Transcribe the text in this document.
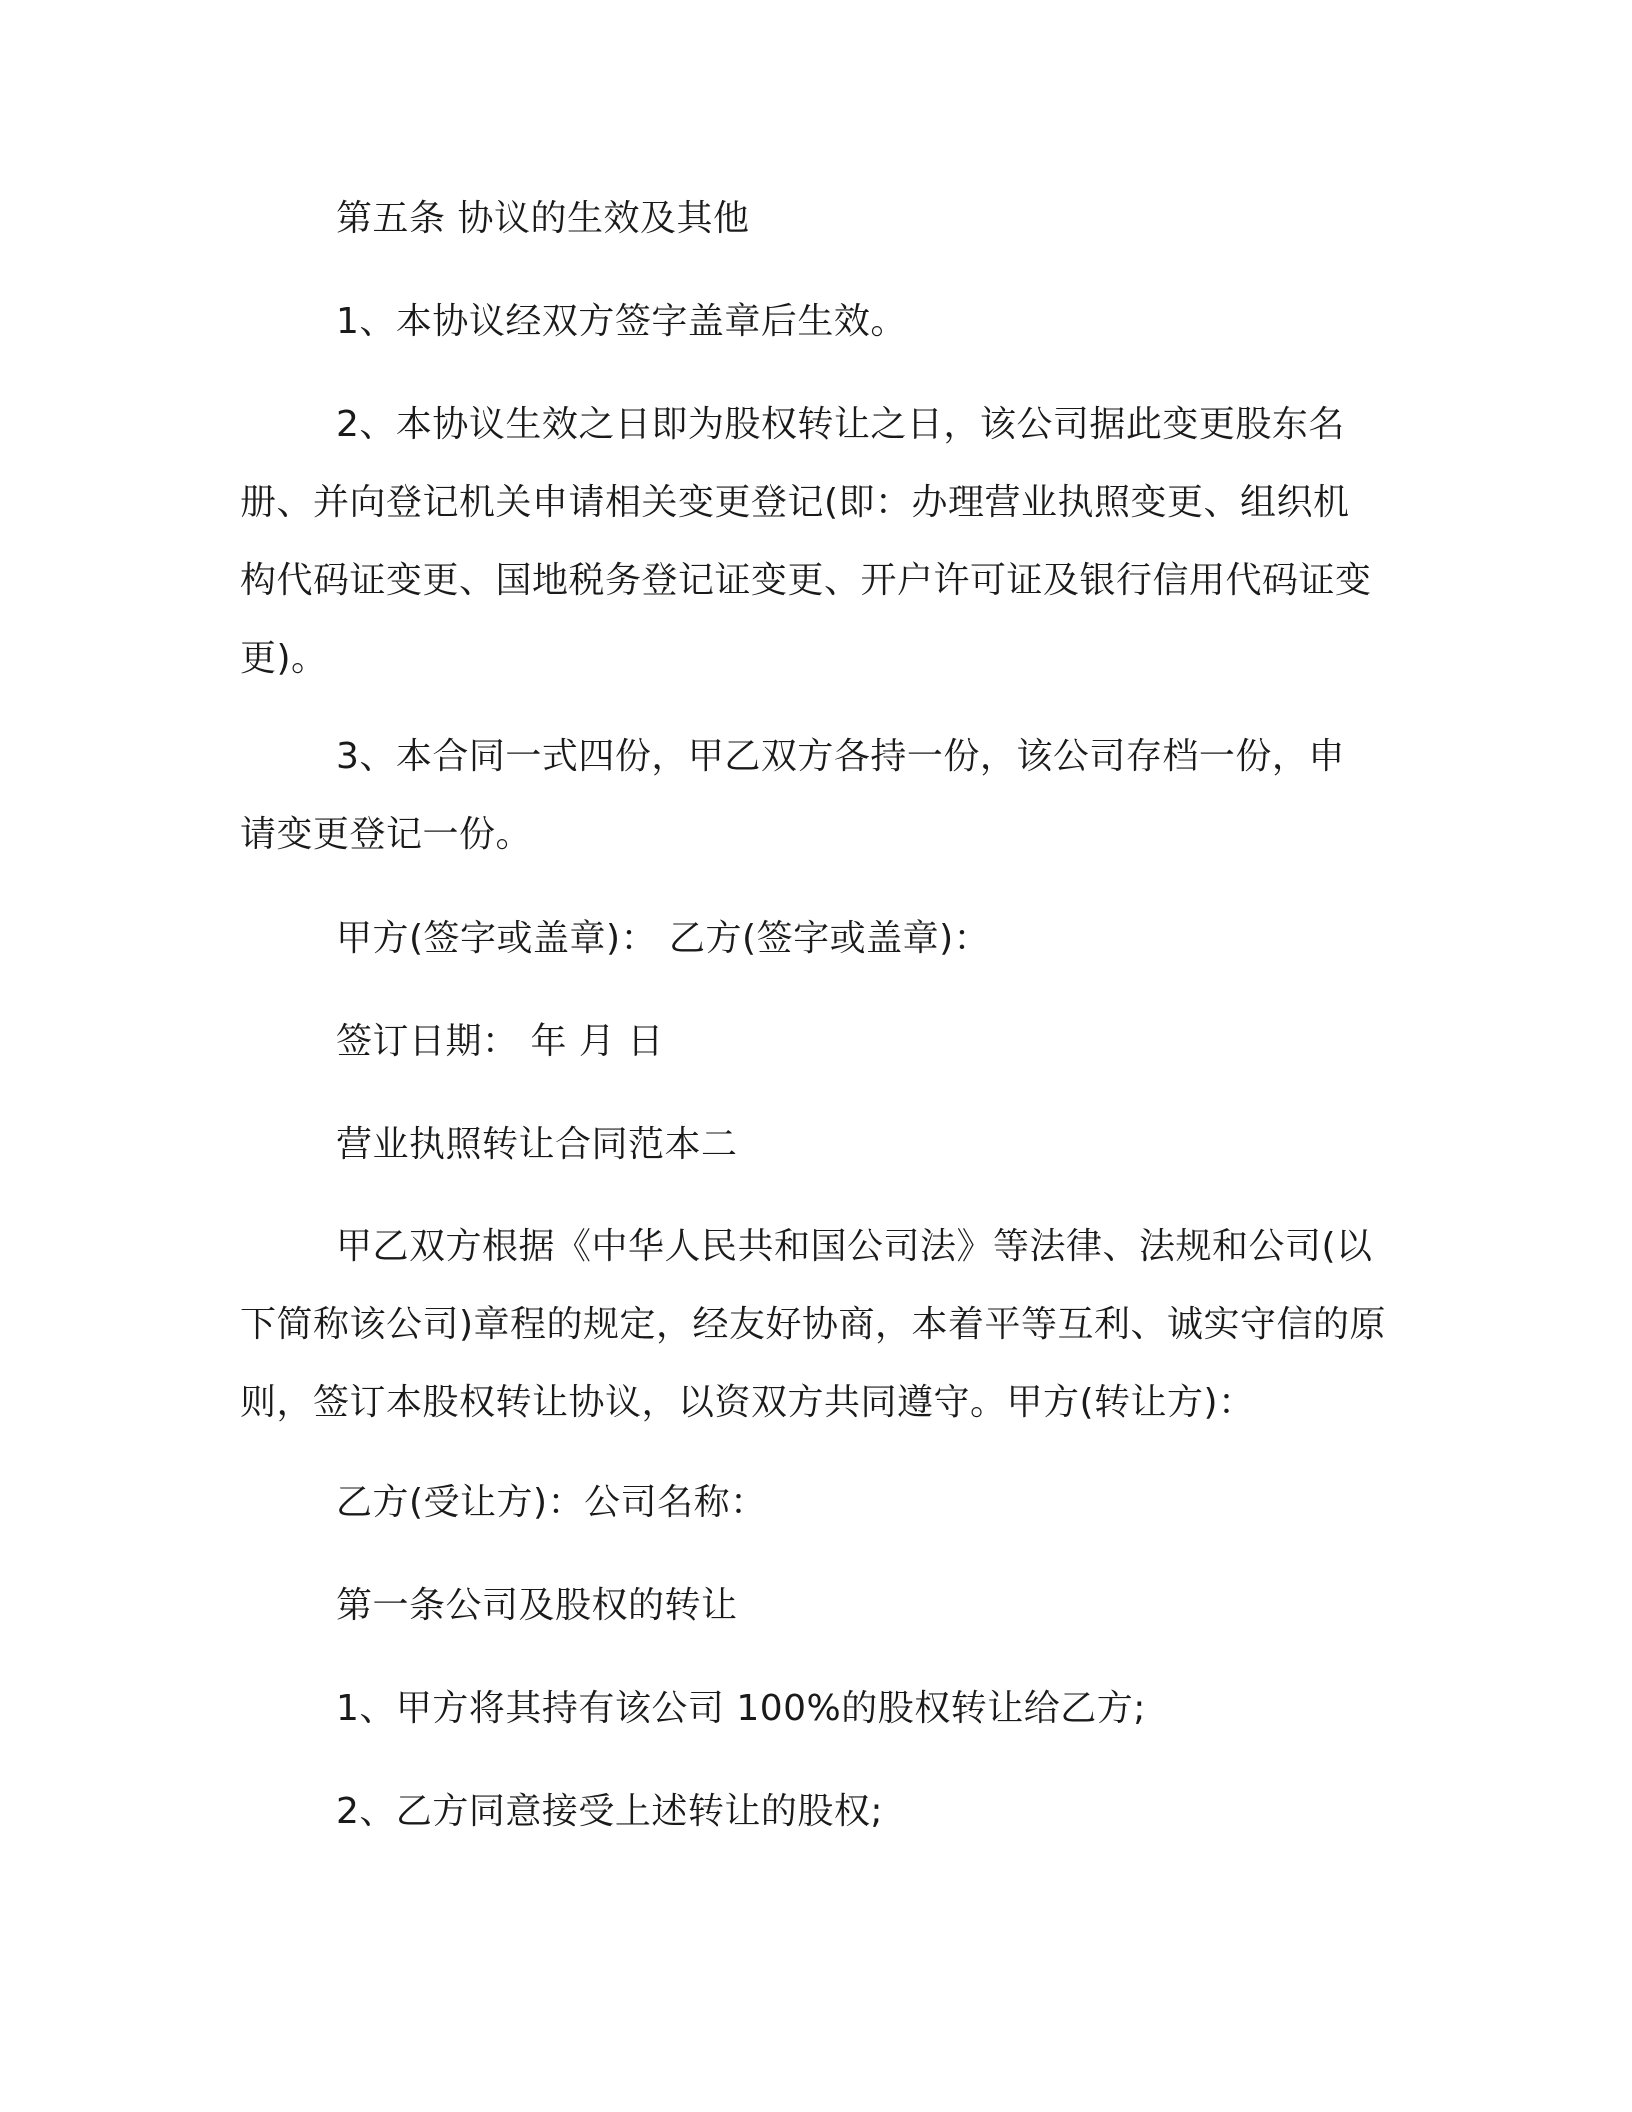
第五条 协议的生效及其他

1、本协议经双方签字盖章后生效。

2、本协议生效之日即为股权转让之日，该公司据此变更股东名册、并向登记机关申请相关变更登记(即：办理营业执照变更、组织机构代码证变更、国地税务登记证变更、开户许可证及银行信用代码证变更)。

3、本合同一式四份，甲乙双方各持一份，该公司存档一份，申请变更登记一份。

甲方(签字或盖章)： 乙方(签字或盖章)：

签订日期： 年 月 日

营业执照转让合同范本二

甲乙双方根据《中华人民共和国公司法》等法律、法规和公司(以下简称该公司)章程的规定，经友好协商，本着平等互利、诚实守信的原则，签订本股权转让协议，以资双方共同遵守。甲方(转让方)：

乙方(受让方)：公司名称：

第一条公司及股权的转让

1、甲方将其持有该公司 100%的股权转让给乙方;

2、乙方同意接受上述转让的股权;
